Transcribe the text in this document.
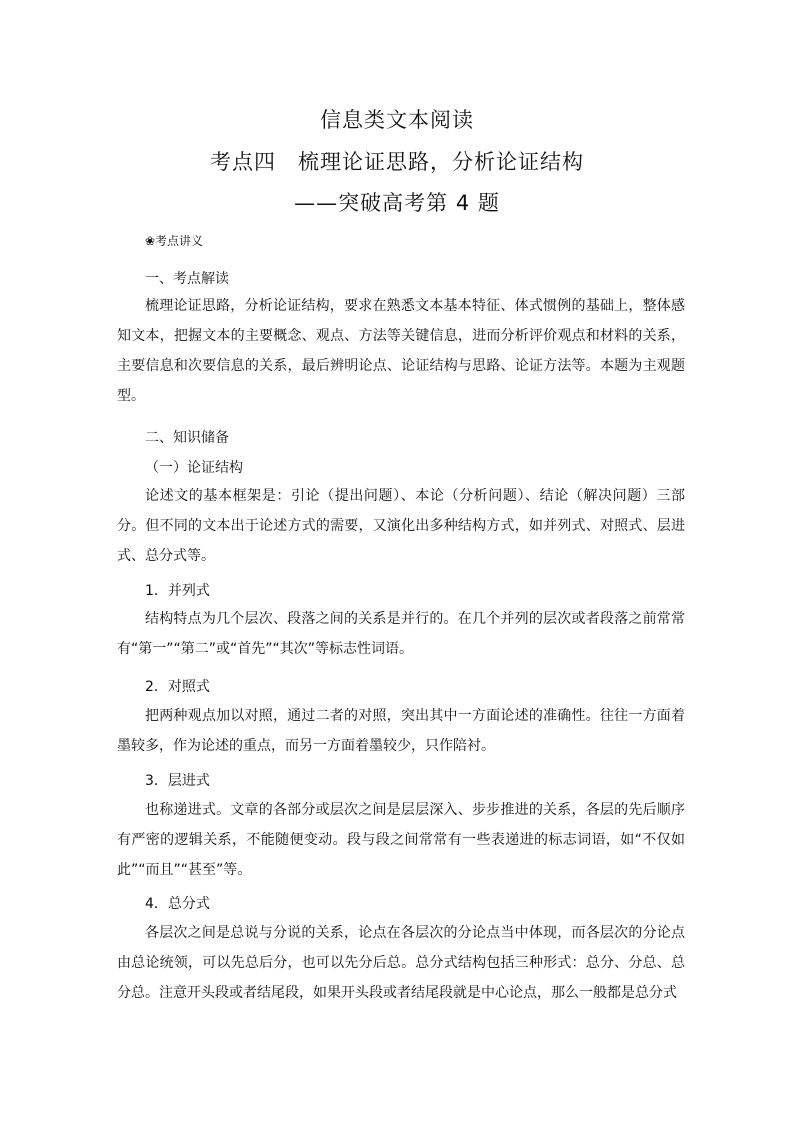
信息类文本阅读
考点四 梳理论证思路，分析论证结构
——突破高考第 4 题
❀考点讲义
一、考点解读
梳理论证思路，分析论证结构，要求在熟悉文本基本特征、体式惯例的基础上，整体感知文本，把握文本的主要概念、观点、方法等关键信息，进而分析评价观点和材料的关系，主要信息和次要信息的关系，最后辨明论点、论证结构与思路、论证方法等。本题为主观题型。
二、知识储备
（一）论证结构
论述文的基本框架是：引论（提出问题）、本论（分析问题）、结论（解决问题）三部分。但不同的文本出于论述方式的需要，又演化出多种结构方式，如并列式、对照式、层进式、总分式等。
1．并列式
结构特点为几个层次、段落之间的关系是并行的。在几个并列的层次或者段落之前常常有“第一”“第二”或“首先”“其次”等标志性词语。
2．对照式
把两种观点加以对照，通过二者的对照，突出其中一方面论述的准确性。往往一方面着墨较多，作为论述的重点，而另一方面着墨较少，只作陪衬。
3．层进式
也称递进式。文章的各部分或层次之间是层层深入、步步推进的关系，各层的先后顺序有严密的逻辑关系，不能随便变动。段与段之间常常有一些表递进的标志词语，如“不仅如此”“而且”“甚至”等。
4．总分式
各层次之间是总说与分说的关系，论点在各层次的分论点当中体现，而各层次的分论点由总论统领，可以先总后分，也可以先分后总。总分式结构包括三种形式：总分、分总、总分总。注意开头段或者结尾段，如果开头段或者结尾段就是中心论点，那么一般都是总分式
